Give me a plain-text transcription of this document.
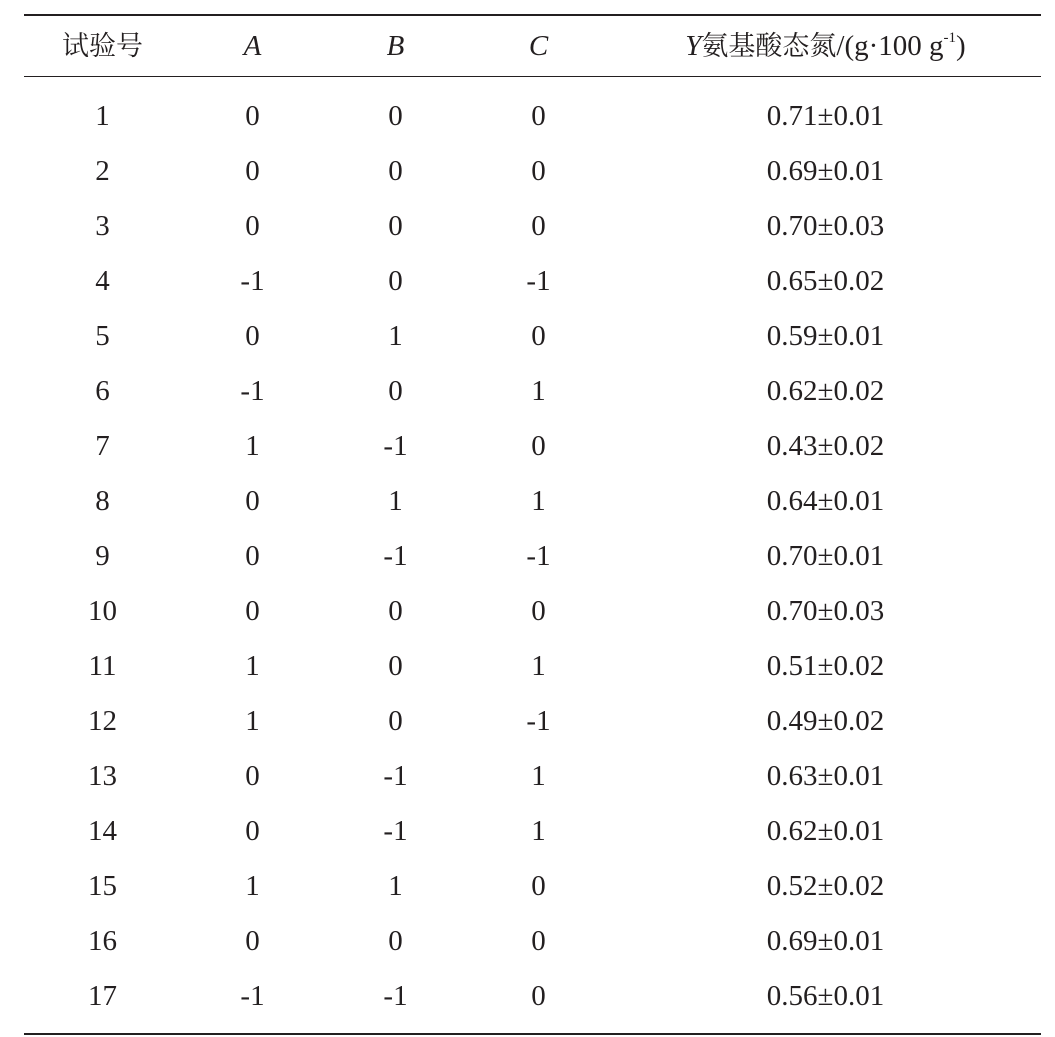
试验号	A	B	C	Y氨基酸态氮/(g·100 $g^{-1}$)
1	0	0	0	0.71±0.01
2	0	0	0	0.69±0.01
3	0	0	0	0.70±0.03
4	-1	0	-1	0.65±0.02
5	0	1	0	0.59±0.01
6	-1	0	1	0.62±0.02
7	1	-1	0	0.43±0.02
8	0	1	1	0.64±0.01
9	0	-1	-1	0.70±0.01
10	0	0	0	0.70±0.03
11	1	0	1	0.51±0.02
12	1	0	-1	0.49±0.02
13	0	-1	1	0.63±0.01
14	0	-1	1	0.62±0.01
15	1	1	0	0.52±0.02
16	0	0	0	0.69±0.01
17	-1	-1	0	0.56±0.01
